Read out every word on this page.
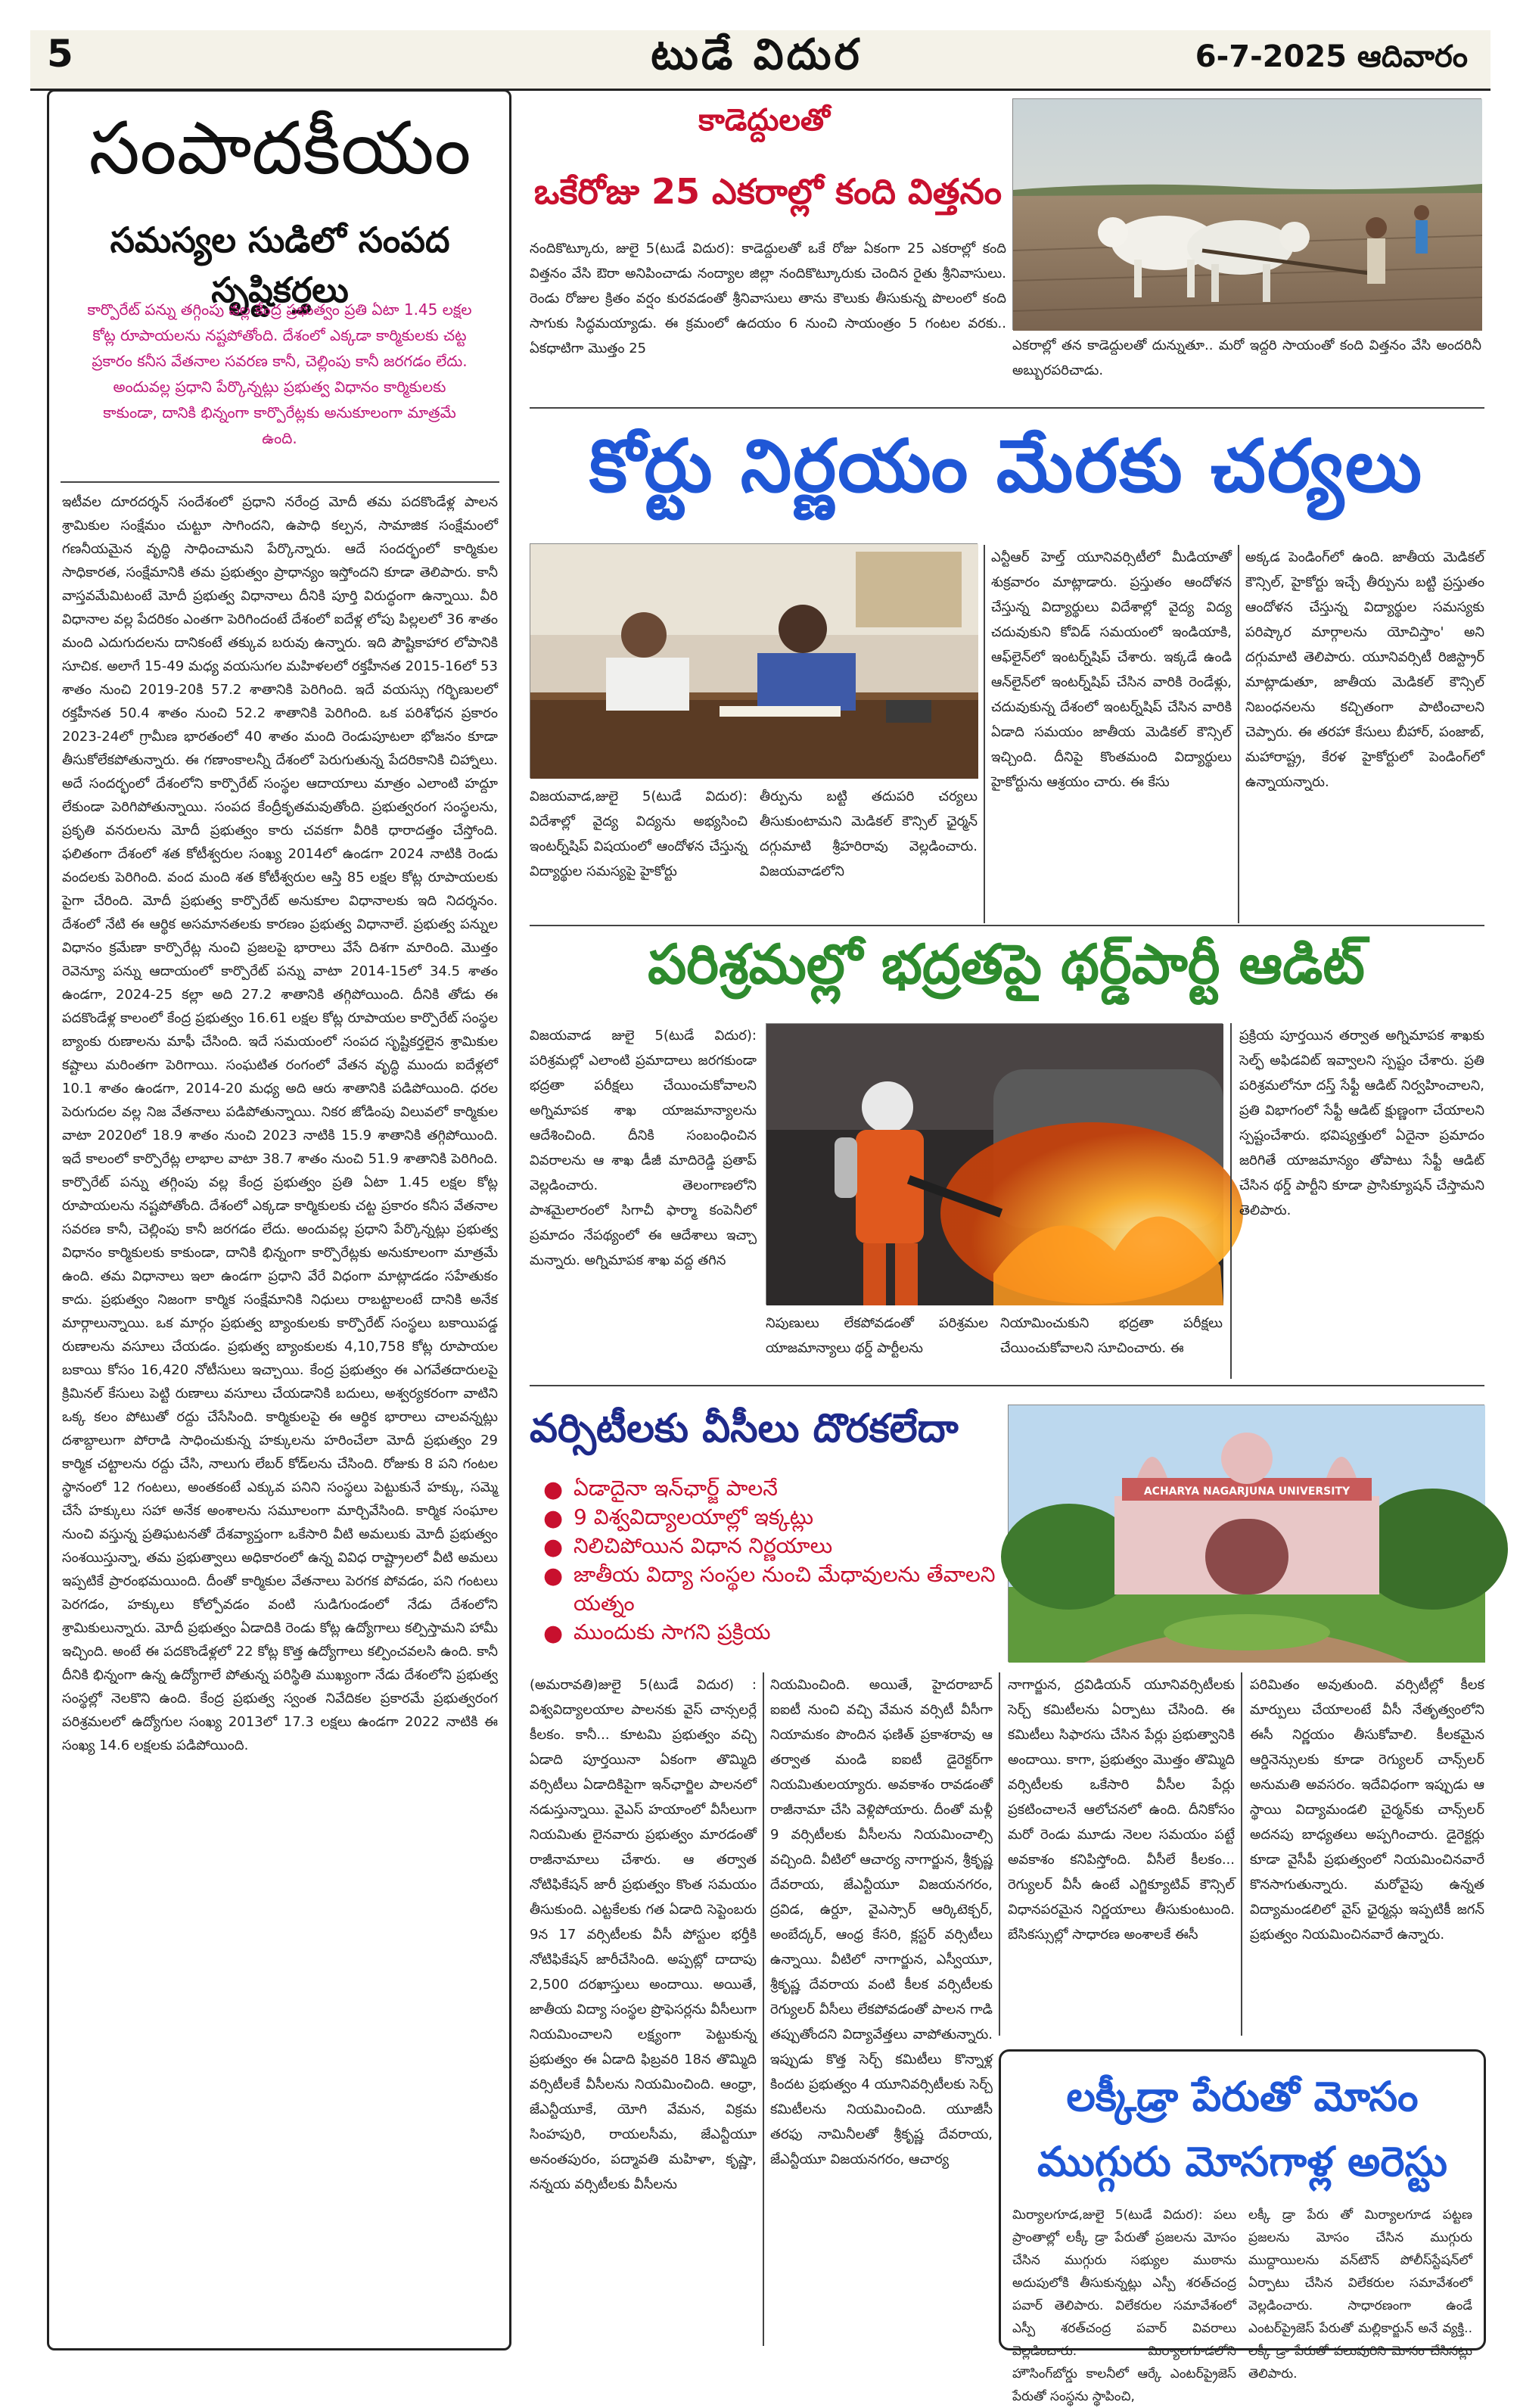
5	టుడే విదుర	6-7-2025 ఆదివారం
సంపాదకీయం
సమస్యల సుడిలో సంపద సృష్టికర్తలు
కార్పొరేట్ పన్ను తగ్గింపు వల్ల కేంద్ర ప్రభుత్వం ప్రతి ఏటా 1.45 లక్షల కోట్ల రూపాయలను నష్టపోతోంది. దేశంలో ఎక్కడా కార్మికులకు చట్ట ప్రకారం కనీస వేతనాల సవరణ కానీ, చెల్లింపు కానీ జరగడం లేదు. అందువల్ల ప్రధాని పేర్కొన్నట్లు ప్రభుత్వ విధానం కార్మికులకు కాకుండా, దానికి భిన్నంగా కార్పొరేట్లకు అనుకూలంగా మాత్రమే ఉంది.
ఇటీవల దూరదర్శన్ సందేశంలో ప్రధాని నరేంద్ర మోదీ తమ పదకొండేళ్ల పాలన శ్రామికుల సంక్షేమం చుట్టూ సాగిందని, ఉపాధి కల్పన, సామాజిక సంక్షేమంలో గణనీయమైన వృద్ధి సాధించామని పేర్కొన్నారు. ఆదే సందర్భంలో కార్మికుల సాధికారత, సంక్షేమానికి తమ ప్రభుత్వం ప్రాధాన్యం ఇస్తోందని కూడా తెలిపారు. కానీ వాస్తవమేమిటంటే మోదీ ప్రభుత్వ విధానాలు దీనికి పూర్తి విరుద్ధంగా ఉన్నాయి. వీరి విధానాల వల్ల పేదరికం ఎంతగా పెరిగిందంటే దేశంలో ఐదేళ్ల లోపు పిల్లలలో 36 శాతం మంది ఎదుగుదలను దానికంటే తక్కువ బరువు ఉన్నారు. ఇది పౌష్టికాహార లోపానికి సూచిక. అలాగే 15-49 మధ్య వయసుగల మహిళలలో రక్తహీనత 2015-16లో 53 శాతం నుంచి 2019-20కి 57.2 శాతానికి పెరిగింది. ఇదే వయస్సు గర్భిణులలో రక్తహీనత 50.4 శాతం నుంచి 52.2 శాతానికి పెరిగింది. ఒక పరిశోధన ప్రకారం 2023-24లో గ్రామీణ భారతంలో 40 శాతం మంది రెండుపూటలా భోజనం కూడా తీసుకోలేకపోతున్నారు. ఈ గణాంకాలన్నీ దేశంలో పెరుగుతున్న పేదరికానికి చిహ్నాలు. అదే సందర్భంలో దేశంలోని కార్పొరేట్ సంస్థల ఆదాయాలు మాత్రం ఎలాంటి హద్దూ లేకుండా పెరిగిపోతున్నాయి. సంపద కేంద్రీకృతమవుతోంది. ప్రభుత్వరంగ సంస్థలను, ప్రకృతి వనరులను మోదీ ప్రభుత్వం కారు చవకగా వీరికి ధారాదత్తం చేస్తోంది. ఫలితంగా దేశంలో శత కోటీశ్వరుల సంఖ్య 2014లో ఉండగా 2024 నాటికి రెండు వందలకు పెరిగింది. వంద మంది శత కోటీశ్వరుల ఆస్తి 85 లక్షల కోట్ల రూపాయలకు పైగా చేరింది. మోదీ ప్రభుత్వ కార్పొరేట్ అనుకూల విధానాలకు ఇది నిదర్శనం. దేశంలో నేటి ఈ ఆర్థిక అసమానతలకు కారణం ప్రభుత్వ విధానాలే. ప్రభుత్వ పన్నుల విధానం క్రమేణా కార్పొరేట్ల నుంచి ప్రజలపై భారాలు వేసే దిశగా మారింది. మొత్తం రెవెన్యూ పన్ను ఆదాయంలో కార్పొరేట్ పన్ను వాటా 2014-15లో 34.5 శాతం ఉండగా, 2024-25 కల్లా అది 27.2 శాతానికి తగ్గిపోయింది. దీనికి తోడు ఈ పదకొండేళ్ల కాలంలో కేంద్ర ప్రభుత్వం 16.61 లక్షల కోట్ల రూపాయల కార్పొరేట్ సంస్థల బ్యాంకు రుణాలను మాఫీ చేసింది. ఇదే సమయంలో సంపద సృష్టికర్తలైన శ్రామికుల కష్టాలు మరింతగా పెరిగాయి. సంఘటిత రంగంలో వేతన వృద్ధి ముందు ఐదేళ్లలో 10.1 శాతం ఉండగా, 2014-20 మధ్య అది ఆరు శాతానికి పడిపోయింది. ధరల పెరుగుదల వల్ల నిజ వేతనాలు పడిపోతున్నాయి. నికర జోడింపు విలువలో కార్మికుల వాటా 2020లో 18.9 శాతం నుంచి 2023 నాటికి 15.9 శాతానికి తగ్గిపోయింది. ఇదే కాలంలో కార్పొరేట్ల లాభాల వాటా 38.7 శాతం నుంచి 51.9 శాతానికి పెరిగింది. కార్పొరేట్ పన్ను తగ్గింపు వల్ల కేంద్ర ప్రభుత్వం ప్రతి ఏటా 1.45 లక్షల కోట్ల రూపాయలను నష్టపోతోంది. దేశంలో ఎక్కడా కార్మికులకు చట్ట ప్రకారం కనీస వేతనాల సవరణ కానీ, చెల్లింపు కానీ జరగడం లేదు. అందువల్ల ప్రధాని పేర్కొన్నట్లు ప్రభుత్వ విధానం కార్మికులకు కాకుండా, దానికి భిన్నంగా కార్పొరేట్లకు అనుకూలంగా మాత్రమే ఉంది. తమ విధానాలు ఇలా ఉండగా ప్రధాని వేరే విధంగా మాట్లాడడం సహేతుకం కాదు. ప్రభుత్వం నిజంగా కార్మిక సంక్షేమానికి నిధులు రాబట్టాలంటే దానికి అనేక మార్గాలున్నాయి. ఒక మార్గం ప్రభుత్వ బ్యాంకులకు కార్పొరేట్ సంస్థలు బకాయిపడ్డ రుణాలను వసూలు చేయడం. ప్రభుత్వ బ్యాంకులకు 4,10,758 కోట్ల రూపాయల బకాయి కోసం 16,420 నోటీసులు ఇచ్చాయి. కేంద్ర ప్రభుత్వం ఈ ఎగవేతదారులపై క్రిమినల్ కేసులు పెట్టి రుణాలు వసూలు చేయడానికి బదులు, అశ్వర్యకరంగా వాటిని ఒక్క కలం పోటుతో రద్దు చేసేసింది. కార్మికులపై ఈ ఆర్థిక భారాలు చాలవన్నట్లు దశాబ్దాలుగా పోరాడి సాధించుకున్న హక్కులను హరించేలా మోదీ ప్రభుత్వం 29 కార్మిక చట్టాలను రద్దు చేసి, నాలుగు లేబర్ కోడ్‌లను చేసింది. రోజుకు 8 పని గంటల స్థానంలో 12 గంటలు, అంతకంటే ఎక్కువ పనిని సంస్థలు పెట్టుకునే హక్కు, సమ్మె చేసే హక్కులు సహా అనేక అంశాలను సమూలంగా మార్చివేసింది. కార్మిక సంఘాల నుంచి వస్తున్న ప్రతిఘటనతో దేశవ్యాప్తంగా ఒకేసారి వీటి అమలుకు మోదీ ప్రభుత్వం సంశయిస్తున్నా, తమ ప్రభుత్వాలు అధికారంలో ఉన్న వివిధ రాష్ట్రాలలో వీటి అమలు ఇప్పటికే ప్రారంభమయింది. దీంతో కార్మికుల వేతనాలు పెరగక పోవడం, పని గంటలు పెరగడం, హక్కులు కోల్పోవడం వంటి సుడిగుండంలో నేడు దేశంలోని శ్రామికులున్నారు. మోదీ ప్రభుత్వం ఏడాదికి రెండు కోట్ల ఉద్యోగాలు కల్పిస్తామని హామీ ఇచ్చింది. అంటే ఈ పదకొండేళ్లలో 22 కోట్ల కొత్త ఉద్యోగాలు కల్పించవలసి ఉంది. కానీ దీనికి భిన్నంగా ఉన్న ఉద్యోగాలే పోతున్న పరిస్థితి ముఖ్యంగా నేడు దేశంలోని ప్రభుత్వ సంస్థల్లో నెలకొని ఉంది. కేంద్ర ప్రభుత్వ స్వంత నివేదికల ప్రకారమే ప్రభుత్వరంగ పరిశ్రమలలో ఉద్యోగుల సంఖ్య 2013లో 17.3 లక్షలు ఉండగా 2022 నాటికి ఈ సంఖ్య 14.6 లక్షలకు పడిపోయింది.
కాడెద్దులతో
ఒకేరోజు 25 ఎకరాల్లో కంది విత్తనం
నందికొట్కూరు, జులై 5(టుడే విదుర): కాడెద్దులతో ఒకే రోజు ఏకంగా 25 ఎకరాల్లో కంది విత్తనం వేసి ఔరా అనిపించాడు నంద్యాల జిల్లా నందికొట్కూరుకు చెందిన రైతు శ్రీనివాసులు. రెండు రోజుల క్రితం వర్షం కురవడంతో శ్రీనివాసులు తాను కౌలుకు తీసుకున్న పొలంలో కంది సాగుకు సిద్ధమయ్యాడు. ఈ క్రమంలో ఉదయం 6 నుంచి సాయంత్రం 5 గంటల వరకు.. ఏకధాటిగా మొత్తం 25	ఎకరాల్లో తన కాడెద్దులతో దున్నుతూ.. మరో ఇద్దరి సాయంతో కంది విత్తనం వేసి అందరినీ అబ్బురపరిచాడు.
కోర్టు నిర్ణయం మేరకు చర్యలు
విజయవాడ,జులై 5(టుడే విదుర): విదేశాల్లో వైద్య విద్యను అభ్యసించి ఇంటర్న్‌షిప్ విషయంలో ఆందోళన చేస్తున్న విద్యార్థుల సమస్యపై హైకోర్టు
తీర్పును బట్టి తదుపరి చర్యలు తీసుకుంటామని మెడికల్ కౌన్సిల్ ఛైర్మన్ దగ్గుమాటి శ్రీహరిరావు వెల్లడించారు. విజయవాడలోని
ఎన్టీఆర్ హెల్త్ యూనివర్సిటీలో మీడియాతో శుక్రవారం మాట్లాడారు. ప్రస్తుతం ఆందోళన చేస్తున్న విద్యార్థులు విదేశాల్లో వైద్య విద్య చదువుకుని కోవిడ్ సమయంలో ఇండియాకి, ఆఫ్‌లైన్‌లో ఇంటర్న్‌షిప్ చేశారు. ఇక్కడే ఉండి ఆన్‌లైన్‌లో ఇంటర్న్‌షిప్ చేసిన వారికి రెండేళ్లు, చదువుకున్న దేశంలో ఇంటర్న్‌షిప్ చేసిన వారికి ఏడాది సమయం జాతీయ మెడికల్ కౌన్సిల్ ఇచ్చింది. దీనిపై కొంతమంది విద్యార్థులు హైకోర్టును ఆశ్రయం చారు. ఈ కేసు
అక్కడ పెండింగ్‌లో ఉంది. జాతీయ మెడికల్ కౌన్సిల్, హైకోర్టు ఇచ్చే తీర్పును బట్టి ప్రస్తుతం ఆందోళన చేస్తున్న విద్యార్థుల సమస్యకు పరిష్కార మార్గాలను యోచిస్తాం' అని దగ్గుమాటి తెలిపారు. యూనివర్సిటీ రిజిస్ట్రార్ మాట్లాడుతూ, జాతీయ మెడికల్ కౌన్సిల్ నిబంధనలను కచ్చితంగా పాటించాలని చెప్పారు. ఈ తరహా కేసులు బీహార్, పంజాబ్, మహారాష్ట్ర, కేరళ హైకోర్టులో పెండింగ్‌లో ఉన్నాయన్నారు.
పరిశ్రమల్లో భద్రతపై థర్డ్‌పార్టీ ఆడిట్
విజయవాడ జులై 5(టుడే విదుర): పరిశ్రమల్లో ఎలాంటి ప్రమాదాలు జరగకుండా భద్రతా పరీక్షలు చేయించుకోవాలని అగ్నిమాపక శాఖ యాజమాన్యాలను ఆదేశించింది. దీనికి సంబంధించిన వివరాలను ఆ శాఖ డీజీ మాదిరెడ్డి ప్రతాప్ వెల్లడించారు. తెలంగాణలోని పాశమైలారంలో సిగాచీ ఫార్మా కంపెనీలో ప్రమాదం నేపథ్యంలో ఈ ఆదేశాలు ఇచ్చా మన్నారు. అగ్నిమాపక శాఖ వద్ద తగిన
నిపుణులు లేకపోవడంతో పరిశ్రమల యాజమాన్యాలు థర్డ్ పార్టీలను
నియామించుకుని భద్రతా పరీక్షలు చేయించుకోవాలని సూచించారు. ఈ
ప్రక్రియ పూర్తయిన తర్వాత అగ్నిమాపక శాఖకు సెల్ఫ్ అఫిడవిట్ ఇవ్వాలని స్పష్టం చేశారు. ప్రతి పరిశ్రమలోనూ దస్త్ సేఫ్టీ ఆడిట్ నిర్వహించాలని, ప్రతి విభాగంలో సేఫ్టీ ఆడిట్ క్షుణ్ణంగా చేయాలని స్పష్టంచేశారు. భవిష్యత్తులో ఏదైనా ప్రమాదం జరిగితే యాజమాన్యం తోపాటు సేఫ్టీ ఆడిట్ చేసిన థర్డ్ పార్టీని కూడా ప్రాసిక్యూషన్ చేస్తామని తెలిపారు.
వర్సిటీలకు వీసీలు దొరకలేదా
● ఏడాదైనా ఇన్‌ఛార్జ్ పాలనే
● 9 విశ్వవిద్యాలయాల్లో ఇక్కట్లు
● నిలిచిపోయిన విధాన నిర్ణయాలు
● జాతీయ విద్యా సంస్థల నుంచి మేధావులను తేవాలని యత్నం
● ముందుకు సాగని ప్రక్రియ
ACHARYA NAGARJUNA UNIVERSITY
(అమరావతి)జులై 5(టుడే విదుర) : విశ్వవిద్యాలయాల పాలనకు వైస్ చాన్సలర్లే కీలకం. కానీ... కూటమి ప్రభుత్వం వచ్చి ఏడాది పూర్తయినా ఏకంగా తొమ్మిది వర్సిటీలు ఏడాదికిపైగా ఇన్‌ఛార్జిల పాలనలో నడుస్తున్నాయి. వైఎస్ హయాంలో వీసీలుగా నియమితు లైనవారు ప్రభుత్వం మారడంతో రాజీనామాలు చేశారు. ఆ తర్వాత నోటిఫికేషన్ జారీ ప్రభుత్వం కొంత సమయం తీసుకుంది. ఎట్టకేలకు గత ఏడాది సెప్టెంబరు 9న 17 వర్సిటీలకు వీసీ పోస్టుల భర్తీకి నోటిఫికేషన్ జారీచేసింది. అప్పట్లో దాదాపు 2,500 దరఖాస్తులు అందాయి. అయితే, జాతీయ విద్యా సంస్థల ప్రొఫెసర్లను వీసీలుగా నియమించాలని లక్ష్యంగా పెట్టుకున్న ప్రభుత్వం ఈ ఏడాది ఫిబ్రవరి 18న తొమ్మిది వర్సిటీలకే వీసీలను నియమించింది. ఆంధ్రా, జేఎన్టీయూకే, యోగి వేమన, విక్రమ సింహపురి, రాయలసీమ, జేఎన్టీయూ అనంతపురం, పద్మావతి మహిళా, కృష్ణా, నన్నయ వర్సిటీలకు వీసీలను
నియమించింది. అయితే, హైదరాబాద్ ఐఐటీ నుంచి వచ్చి వేమన వర్సిటీ వీసీగా నియామకం పొందిన ఫణిత్ ప్రకాశరావు ఆ తర్వాత మండి ఐఐటీ డైరెక్టర్‌గా నియమితులయ్యారు. అవకాశం రావడంతో రాజీనామా చేసి వెళ్లిపోయారు. దీంతో మళ్లీ 9 వర్సిటీలకు వీసీలను నియమించాల్సి వచ్చింది. వీటిలో ఆచార్య నాగార్జున, శ్రీకృష్ణ దేవరాయ, జేఎన్టీయూ విజయనగరం, ద్రవిడ, ఉర్దూ, వైఎస్సార్ ఆర్కిటెక్చర్, అంబేద్కర్, ఆంధ్ర కేసరి, క్లస్టర్ వర్సిటీలు ఉన్నాయి. వీటిలో నాగార్జున, ఎస్వీయూ, శ్రీకృష్ణ దేవరాయ వంటి కీలక వర్సిటీలకు రెగ్యులర్ వీసీలు లేకపోవడంతో పాలన గాడి తప్పుతోందని విద్యావేత్తలు వాపోతున్నారు. ఇప్పుడు కొత్త సెర్చ్ కమిటీలు కొన్నాళ్ల కిందట ప్రభుత్వం 4 యూనివర్సిటీలకు సెర్చ్ కమిటీలను నియమించింది. యూజీసీ తరఫు నామినీలతో శ్రీకృష్ణ దేవరాయ, జేఎన్టీయూ విజయనగరం, ఆచార్య
నాగార్జున, ద్రవిడియన్ యూనివర్సిటీలకు సెర్చ్ కమిటీలను ఏర్పాటు చేసింది. ఈ కమిటీలు సిఫారసు చేసిన పేర్లు ప్రభుత్వానికి అందాయి. కాగా, ప్రభుత్వం మొత్తం తొమ్మిది వర్సిటీలకు ఒకేసారి వీసీల పేర్లు ప్రకటించాలనే ఆలోచనలో ఉంది. దీనికోసం మరో రెండు మూడు నెలల సమయం పట్టే అవకాశం కనిపిస్తోంది. వీసీలే కీలకం... రెగ్యులర్ వీసీ ఉంటే ఎగ్జిక్యూటివ్ కౌన్సిల్ విధానపరమైన నిర్ణయాలు తీసుకుంటుంది. బేసికస్సుల్లో సాధారణ అంశాలకే ఈసీ
పరిమితం అవుతుంది. వర్సిటీల్లో కీలక మార్పులు చేయాలంటే వీసీ నేతృత్వంలోని ఈసీ నిర్ణయం తీసుకోవాలి. కీలకమైన ఆర్డినెన్సులకు కూడా రెగ్యులర్ చాన్స్‌లర్ అనుమతి అవసరం. ఇదేవిధంగా ఇప్పుడు ఆ స్థాయి విద్యామండలి చైర్మన్‌కు చాన్స్‌లర్ అదనపు బాధ్యతలు అప్పగించారు. డైరెక్టర్లు కూడా వైసీపీ ప్రభుత్వంలో నియమించినవారే కొనసాగుతున్నారు. మరోవైపు ఉన్నత విద్యామండలిలో వైస్ ఛైర్మన్లు ఇప్పటికీ జగన్ ప్రభుత్వం నియమించినవారే ఉన్నారు.
లక్కీడ్రా పేరుతో మోసం
ముగ్గురు మోసగాళ్ల అరెస్టు
మిర్యాలగూడ,జులై 5(టుడే విదుర): పలు ప్రాంతాల్లో లక్కీ డ్రా పేరుతో ప్రజలను మోసం చేసిన ముగ్గురు సభ్యుల ముఠాను అదుపులోకి తీసుకున్నట్లు ఎస్పీ శరత్‌చంద్ర పవార్ తెలిపారు. విలేకరుల సమావేశంలో ఎస్పీ శరత్‌చంద్ర పవార్ వివరాలు వెల్లడించారు. మిర్యాలగూడలోని హౌసింగ్‌బోర్డు కాలనీలో ఆర్కే ఎంటర్‌ప్రైజెస్ పేరుతో సంస్థను స్థాపించి,
లక్కీ డ్రా పేరు తో మిర్యాలగూడ పట్టణ ప్రజలను మోసం చేసిన ముగ్గురు ముద్దాయిలను వన్‌టౌన్ పోలీస్‌స్టేషన్‌లో ఏర్పాటు చేసిన విలేకరుల సమావేశంలో వెల్లడించారు. సాధారణంగా ఉండే ఎంటర్‌ప్రైజెస్ పేరుతో మల్లికార్జున్ అనే వ్యక్తి.. లక్కీ డ్రా పేరుతో పలువురిని మోసం చేసినట్లు తెలిపారు.
